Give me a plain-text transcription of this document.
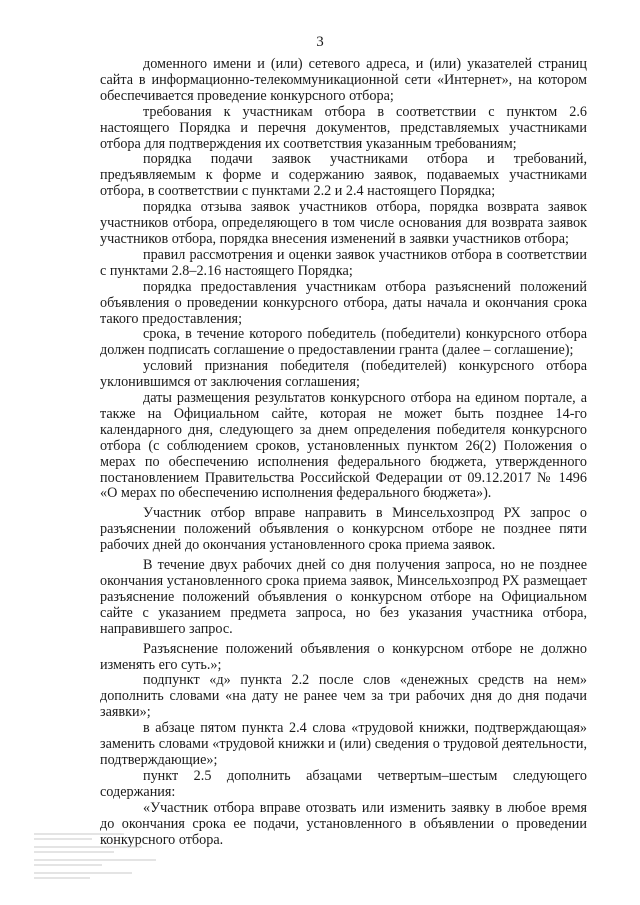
3

доменного имени и (или) сетевого адреса, и (или) указателей страниц сайта в информационно-телекоммуникационной сети «Интернет», на котором обеспечивается проведение конкурсного отбора;

требования к участникам отбора в соответствии с пунктом 2.6 настоящего Порядка и перечня документов, представляемых участниками отбора для подтверждения их соответствия указанным требованиям;

порядка подачи заявок участниками отбора и требований, предъявляемым к форме и содержанию заявок, подаваемых участниками отбора, в соответствии с пунктами 2.2 и 2.4 настоящего Порядка;

порядка отзыва заявок участников отбора, порядка возврата заявок участников отбора, определяющего в том числе основания для возврата заявок участников отбора, порядка внесения изменений в заявки участников отбора;

правил рассмотрения и оценки заявок участников отбора в соответствии с пунктами 2.8–2.16 настоящего Порядка;

порядка предоставления участникам отбора разъяснений положений объявления о проведении конкурсного отбора, даты начала и окончания срока такого предоставления;

срока, в течение которого победитель (победители) конкурсного отбора должен подписать соглашение о предоставлении гранта (далее – соглашение);

условий признания победителя (победителей) конкурсного отбора уклонившимся от заключения соглашения;

даты размещения результатов конкурсного отбора на едином портале, а также на Официальном сайте, которая не может быть позднее 14-го календарного дня, следующего за днем определения победителя конкурсного отбора (с соблюдением сроков, установленных пунктом 26(2) Положения о мерах по обеспечению исполнения федерального бюджета, утвержденного постановлением Правительства Российской Федерации от 09.12.2017 № 1496 «О мерах по обеспечению исполнения федерального бюджета»).

Участник отбор вправе направить в Минсельхозпрод РХ запрос о разъяснении положений объявления о конкурсном отборе не позднее пяти рабочих дней до окончания установленного срока приема заявок.

В течение двух рабочих дней со дня получения запроса, но не позднее окончания установленного срока приема заявок, Минсельхозпрод РХ размещает разъяснение положений объявления о конкурсном отборе на Официальном сайте с указанием предмета запроса, но без указания участника отбора, направившего запрос.

Разъяснение положений объявления о конкурсном отборе не должно изменять его суть.»;

подпункт «д» пункта 2.2 после слов «денежных средств на нем» дополнить словами «на дату не ранее чем за три рабочих дня до дня подачи заявки»;

в абзаце пятом пункта 2.4 слова «трудовой книжки, подтверждающая» заменить словами «трудовой книжки и (или) сведения о трудовой деятельности, подтверждающие»;

пункт 2.5 дополнить абзацами четвертым–шестым следующего содержания:

«Участник отбора вправе отозвать или изменить заявку в любое время до окончания срока ее подачи, установленного в объявлении о проведении конкурсного отбора.
